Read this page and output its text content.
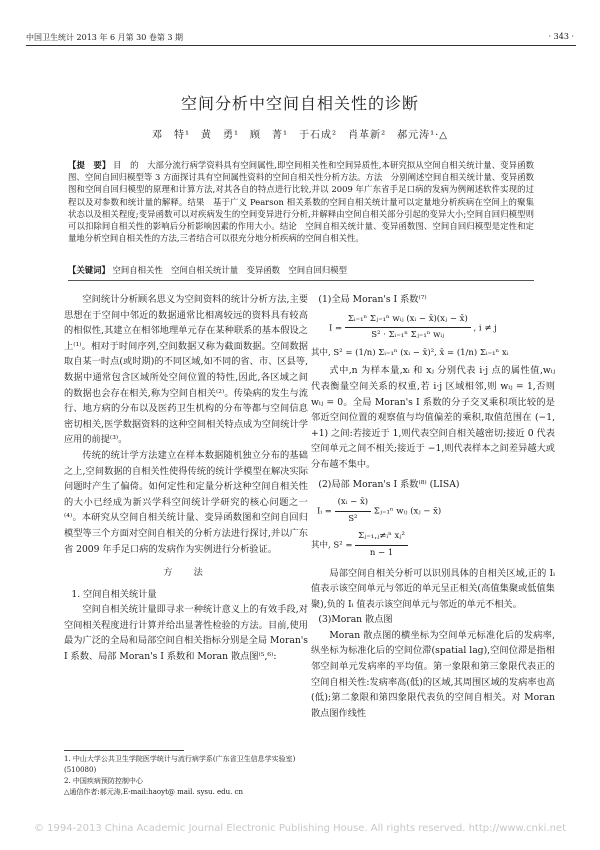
中国卫生统计 2013 年 6 月第 30 卷第 3 期	· 343 ·
空间分析中空间自相关性的诊断
邓　特¹　黄　勇¹　顾　菁¹　于石成²　肖革新²　郝元涛¹·△
【提　要】 目　的　大部分流行病学资料具有空间属性,即空间相关性和空间异质性,本研究拟从空间自相关统计量、变异函数图、空间自回归模型等 3 方面探讨具有空间属性资料的空间自相关性分析方法。方法　分别阐述空间自相关统计量、变异函数图和空间自回归模型的原理和计算方法,对其各自的特点进行比较,并以 2009 年广东省手足口病的发病为例阐述软件实现的过程以及对参数和统计量的解释。结果　基于广义 Pearson 相关系数的空间自相关统计量可以定量地分析疾病在空间上的聚集状态以及相关程度;变异函数可以对疾病发生的空间变异进行分析,并解释由空间自相关部分引起的变异大小;空间自回归模型则可以扣除间自相关性的影响后分析影响因素的作用大小。结论　空间自相关统计量、变异函数图、空间自回归模型是定性和定量地分析空间自相关性的方法,三者结合可以很充分地分析疾病的空间自相关性。
【关键词】 空间自相关性　空间自相关统计量　变异函数　空间自回归模型

空间统计分析顾名思义为空间资料的统计分析方法,主要思想在于空间中邻近的数据通常比相离较远的资料具有较高的相似性,其建立在相邻地理单元存在某种联系的基本假设之上⁽¹⁾。相对于时间序列,空间数据又称为截面数据。空间数据取自某一时点(或时期)的不同区域,如不同的省、市、区县等,数据中通常包含区域所处空间位置的特性,因此,各区域之间的数据也会存在相关,称为空间自相关⁽²⁾。传染病的发生与流行、地方病的分布以及医药卫生机构的分布等都与空间信息密切相关,医学数据资料的这种空间相关特点成为空间统计学应用的前提⁽³⁾。

传统的统计学方法建立在样本数据随机独立分布的基础之上,空间数据的自相关性使得传统的统计学模型在解决实际问题时产生了偏倚。如何定性和定量分析这种空间自相关性的大小已经成为新兴学科空间统计学研究的核心问题之一⁽⁴⁾。本研究从空间自相关统计量、变异函数图和空间自回归模型等三个方面对空间自相关的分析方法进行探讨,并以广东省 2009 年手足口病的发病作为实例进行分析验证。

方　法

1. 空间自相关统计量

空间自相关统计量即寻求一种统计意义上的有效手段,对空间相关程度进行计算并给出显著性检验的方法。目前,使用最为广泛的全局和局部空间自相关指标分别是全局 Moran's I 系数、局部 Moran's I 系数和 Moran 散点图⁽⁵,⁶⁾:

(1)全局 Moran's I 系数⁽⁷⁾

$I = \frac{\text{Σᵢ₌₁ⁿ Σⱼ₌₁ⁿ wᵢⱼ (xᵢ − x̄)(xⱼ − x̄)}}{\text{S² · Σᵢ₌₁ⁿ Σⱼ₌₁ⁿ wᵢⱼ}}$ , i ≠ j
其中, S² = (1/n) Σᵢ₌₁ⁿ (xᵢ − x̄)², x̄ = (1/n) Σᵢ₌₁ⁿ xᵢ

式中,n 为样本量,xᵢ 和 xⱼ 分别代表 i·j 点的属性值,wᵢⱼ 代表衡量空间关系的权重,若 i·j 区域相邻,则 wᵢⱼ = 1,否则 wᵢⱼ = 0。全局 Moran's I 系数的分子交叉乘积项比较的是邻近空间位置的观察值与均值偏差的乘积,取值范围在 (−1, +1) 之间:若接近于 1,则代表空间自相关越密切;接近 0 代表空间单元之间不相关;接近于 −1,则代表样本之间差异越大或分布越不集中。

(2)局部 Moran's I 系数⁽⁸⁾ (LISA)

Iᵢ = $\frac{\text{(xᵢ − x̄)}}{\text{S²}}$ Σⱼ₌₁ⁿ wᵢⱼ (xⱼ − x̄)
其中, $S^2 = \frac{\text{Σⱼ₌₁,ⱼ≠ᵢⁿ xⱼ²}}{n - 1}$

局部空间自相关分析可以识别具体的自相关区域,正的 Iᵢ 值表示该空间单元与邻近的单元呈正相关(高值集聚或低值集聚),负的 Iᵢ 值表示该空间单元与邻近的单元不相关。

(3)Moran 散点图

Moran 散点图的横坐标为空间单元标准化后的发病率,纵坐标为标准化后的空间位滞(spatial lag),空间位滞是指相邻空间单元发病率的平均值。第一象限和第三象限代表正的空间自相关性:发病率高(低)的区域,其周围区域的发病率也高(低);第二象限和第四象限代表负的空间自相关。对 Moran 散点图作线性

1. 中山大学公共卫生学院医学统计与流行病学系(广东省卫生信息学实验室) (510080)
2. 中国疾病预防控制中心
△通信作者:郝元涛,E-mail:haoyt@ mail. sysu. edu. cn
© 1994-2013 China Academic Journal Electronic Publishing House. All rights reserved. http://www.cnki.net
